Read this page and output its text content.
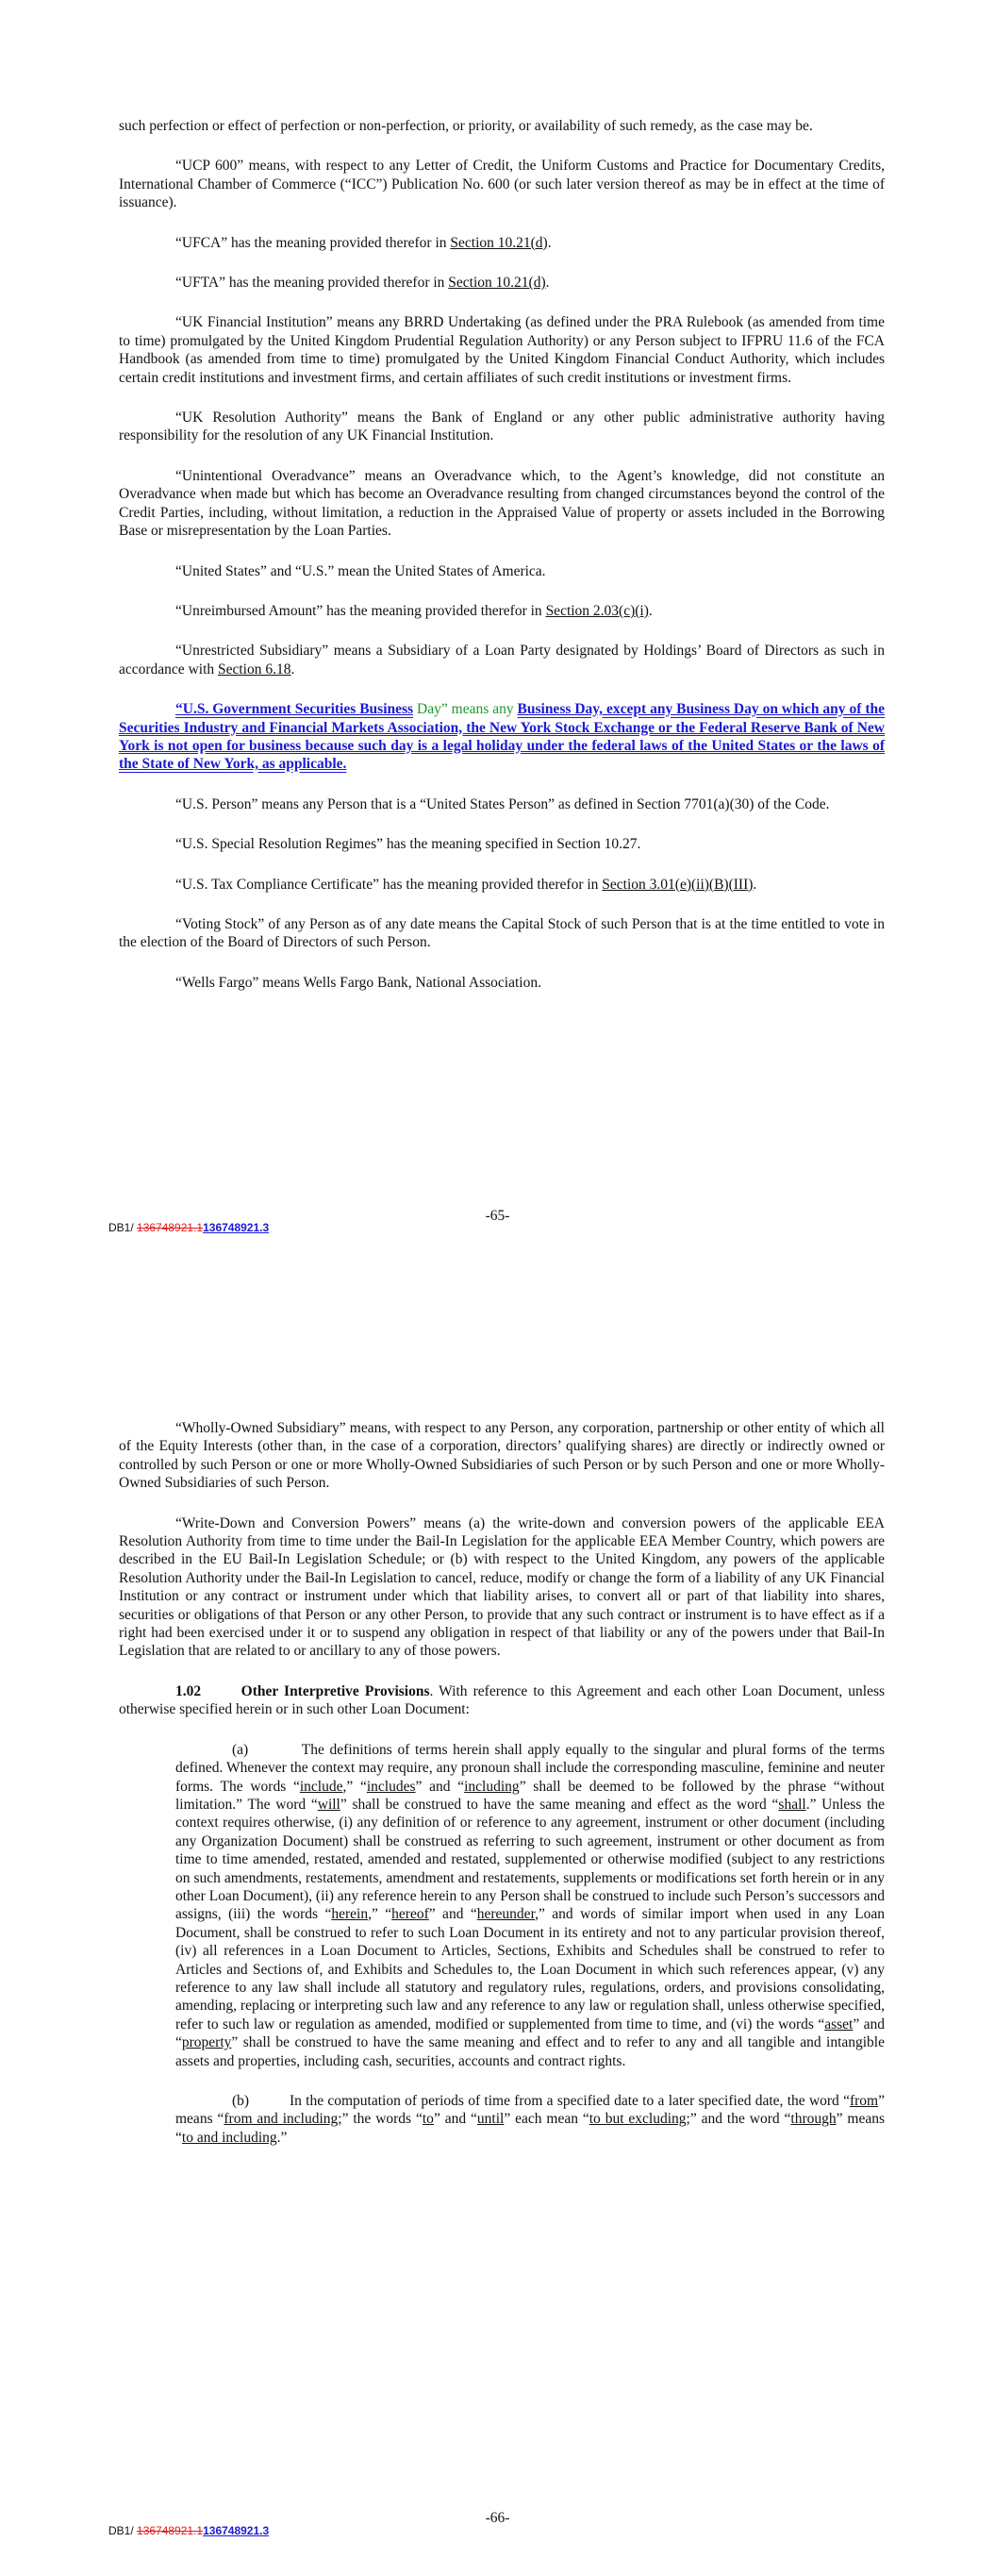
such perfection or effect of perfection or non-perfection, or priority, or availability of such remedy, as the case may be.

“UCP 600” means, with respect to any Letter of Credit, the Uniform Customs and Practice for Documentary Credits, International Chamber of Commerce (“ICC”) Publication No. 600 (or such later version thereof as may be in effect at the time of issuance).

“UFCA” has the meaning provided therefor in Section 10.21(d).

“UFTA” has the meaning provided therefor in Section 10.21(d).

“UK Financial Institution” means any BRRD Undertaking (as defined under the PRA Rulebook (as amended from time to time) promulgated by the United Kingdom Prudential Regulation Authority) or any Person subject to IFPRU 11.6 of the FCA Handbook (as amended from time to time) promulgated by the United Kingdom Financial Conduct Authority, which includes certain credit institutions and investment firms, and certain affiliates of such credit institutions or investment firms.

“UK Resolution Authority” means the Bank of England or any other public administrative authority having responsibility for the resolution of any UK Financial Institution.

“Unintentional Overadvance” means an Overadvance which, to the Agent’s knowledge, did not constitute an Overadvance when made but which has become an Overadvance resulting from changed circumstances beyond the control of the Credit Parties, including, without limitation, a reduction in the Appraised Value of property or assets included in the Borrowing Base or misrepresentation by the Loan Parties.

“United States” and “U.S.” mean the United States of America.

“Unreimbursed Amount” has the meaning provided therefor in Section 2.03(c)(i).

“Unrestricted Subsidiary” means a Subsidiary of a Loan Party designated by Holdings’ Board of Directors as such in accordance with Section 6.18.

“U.S. Government Securities Business Day” means any Business Day, except any Business Day on which any of the Securities Industry and Financial Markets Association, the New York Stock Exchange or the Federal Reserve Bank of New York is not open for business because such day is a legal holiday under the federal laws of the United States or the laws of the State of New York, as applicable.

“U.S. Person” means any Person that is a “United States Person” as defined in Section 7701(a)(30) of the Code.

“U.S. Special Resolution Regimes” has the meaning specified in Section 10.27.

“U.S. Tax Compliance Certificate” has the meaning provided therefor in Section 3.01(e)(ii)(B)(III).

“Voting Stock” of any Person as of any date means the Capital Stock of such Person that is at the time entitled to vote in the election of the Board of Directors of such Person.

“Wells Fargo” means Wells Fargo Bank, National Association.

-65-
DB1/ 136748921.1136748921.3

“Wholly-Owned Subsidiary” means, with respect to any Person, any corporation, partnership or other entity of which all of the Equity Interests (other than, in the case of a corporation, directors’ qualifying shares) are directly or indirectly owned or controlled by such Person or one or more Wholly-Owned Subsidiaries of such Person or by such Person and one or more Wholly-Owned Subsidiaries of such Person.

“Write-Down and Conversion Powers” means (a) the write-down and conversion powers of the applicable EEA Resolution Authority from time to time under the Bail-In Legislation for the applicable EEA Member Country, which powers are described in the EU Bail-In Legislation Schedule; or (b) with respect to the United Kingdom, any powers of the applicable Resolution Authority under the Bail-In Legislation to cancel, reduce, modify or change the form of a liability of any UK Financial Institution or any contract or instrument under which that liability arises, to convert all or part of that liability into shares, securities or obligations of that Person or any other Person, to provide that any such contract or instrument is to have effect as if a right had been exercised under it or to suspend any obligation in respect of that liability or any of the powers under that Bail-In Legislation that are related to or ancillary to any of those powers.

1.02	Other Interpretive Provisions. With reference to this Agreement and each other Loan Document, unless otherwise specified herein or in such other Loan Document:

(a)	The definitions of terms herein shall apply equally to the singular and plural forms of the terms defined. Whenever the context may require, any pronoun shall include the corresponding masculine, feminine and neuter forms. The words “include,” “includes” and “including” shall be deemed to be followed by the phrase “without limitation.” The word “will” shall be construed to have the same meaning and effect as the word “shall.” Unless the context requires otherwise, (i) any definition of or reference to any agreement, instrument or other document (including any Organization Document) shall be construed as referring to such agreement, instrument or other document as from time to time amended, restated, amended and restated, supplemented or otherwise modified (subject to any restrictions on such amendments, restatements, amendment and restatements, supplements or modifications set forth herein or in any other Loan Document), (ii) any reference herein to any Person shall be construed to include such Person’s successors and assigns, (iii) the words “herein,” “hereof” and “hereunder,” and words of similar import when used in any Loan Document, shall be construed to refer to such Loan Document in its entirety and not to any particular provision thereof, (iv) all references in a Loan Document to Articles, Sections, Exhibits and Schedules shall be construed to refer to Articles and Sections of, and Exhibits and Schedules to, the Loan Document in which such references appear, (v) any reference to any law shall include all statutory and regulatory rules, regulations, orders, and provisions consolidating, amending, replacing or interpreting such law and any reference to any law or regulation shall, unless otherwise specified, refer to such law or regulation as amended, modified or supplemented from time to time, and (vi) the words “asset” and “property” shall be construed to have the same meaning and effect and to refer to any and all tangible and intangible assets and properties, including cash, securities, accounts and contract rights.

(b)	In the computation of periods of time from a specified date to a later specified date, the word “from” means “from and including;” the words “to” and “until” each mean “to but excluding;” and the word “through” means “to and including.”

-66-
DB1/ 136748921.1136748921.3
